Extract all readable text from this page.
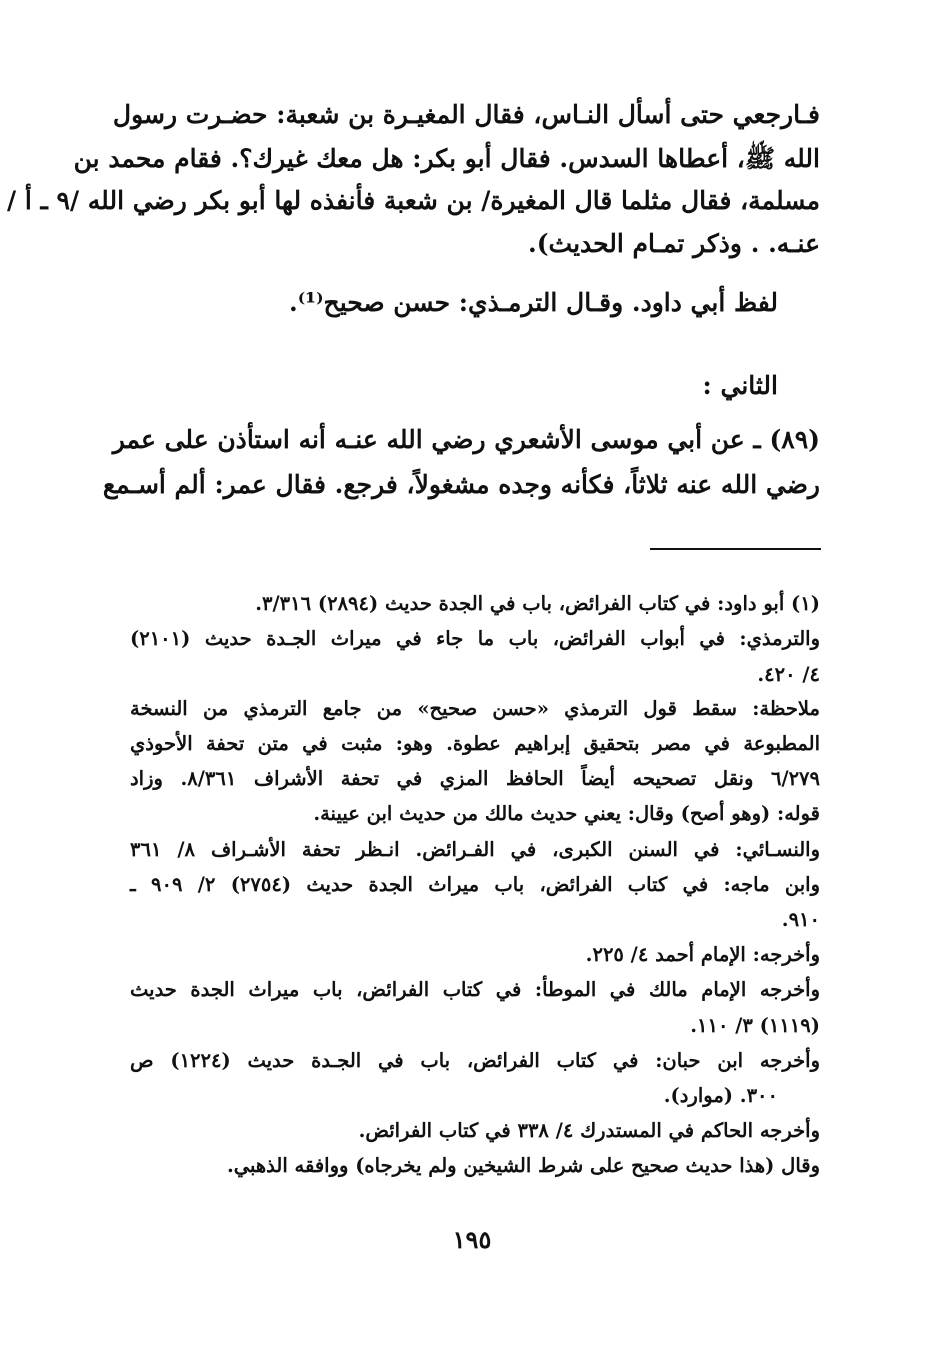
فـارجعي حتى أسأل النـاس، فقال المغيـرة بن شعبة: حضـرت رسول
الله ﷺ، أعطاها السدس. فقال أبو بكر: هل معك غيرك؟. فقام محمد بن
مسلمة، فقال مثلما قال المغيرة/ بن شعبة فأنفذه لها أبو بكر رضي الله /٩ ـ أ /
عنـه. . وذكر تمـام الحديث).
لفظ أبي داود. وقـال الترمـذي: حسن صحيح⁽¹⁾.
الثاني :
(٨٩) ـ عن أبي موسى الأشعري رضي الله عنـه أنه استأذن على عمر
رضي الله عنه ثلاثاً، فكأنه وجده مشغولاً، فرجع. فقال عمر: ألم أسـمع
(١) أبو داود: في كتاب الفرائض، باب في الجدة حديث (٢٨٩٤) ٣/٣١٦.
والترمذي: في أبواب الفرائض، باب ما جاء في ميراث الجـدة حديث (٢١٠١)
٤/ ٤٢٠.
ملاحظة: سقط قول الترمذي «حسن صحيح» من جامع الترمذي من النسخة
المطبوعة في مصر بتحقيق إبراهيم عطوة. وهو: مثبت في متن تحفة الأحوذي
٦/٢٧٩ ونقل تصحيحه أيضاً الحافظ المزي في تحفة الأشراف ٨/٣٦١. وزاد
قوله: (وهو أصح) وقال: يعني حديث مالك من حديث ابن عيينة.
والنسـائي: في السنن الكبرى، في الفـرائض. انـظر تحفة الأشـراف ٨/ ٣٦١
وابن ماجه: في كتاب الفرائض، باب ميراث الجدة حديث (٢٧٥٤) ٢/ ٩٠٩ ـ
٩١٠.
وأخرجه: الإمام أحمد ٤/ ٢٢٥.
وأخرجه الإمام مالك في الموطأ: في كتاب الفرائض، باب ميراث الجدة حديث
(١١١٩) ٣/ ١١٠.
وأخرجه ابن حبان: في كتاب الفرائض، باب في الجـدة حديث (١٢٢٤) ص
٣٠٠. (موارد).
وأخرجه الحاكم في المستدرك ٤/ ٣٣٨ في كتاب الفرائض.
وقال (هذا حديث صحيح على شرط الشيخين ولم يخرجاه) ووافقه الذهبي.
١٩٥
